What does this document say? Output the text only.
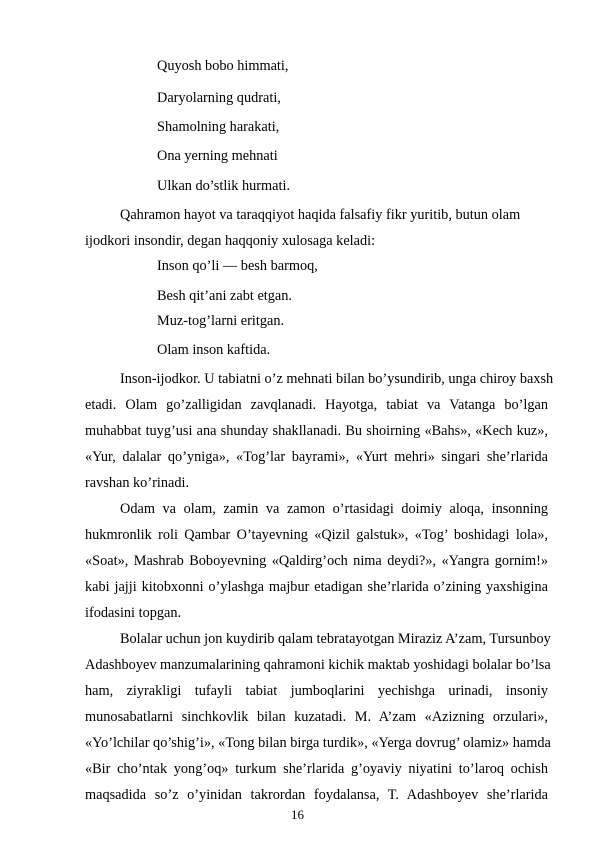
Quyosh bobo himmati,
Daryolarning qudrati,
Shamolning harakati,
Ona yerning mehnati
Ulkan do’stlik hurmati.
Qahramon hayot va taraqqiyot haqida falsafiy fikr yuritib, butun olam
ijodkori insondir, degan haqqoniy xulosaga keladi:
Inson qo’li — besh barmoq,
Besh qit’ani zabt etgan.
Muz-tog’larni eritgan.
Olam inson kaftida.
Inson-ijodkor. U tabiatni o’z mehnati bilan bo’ysundirib, unga chiroy baxsh
etadi. Olam go’zalligidan zavqlanadi. Hayotga, tabiat va Vatanga bo’lgan
muhabbat tuyg’usi ana shunday shakllanadi. Bu shoirning «Bahs», «Kech kuz»,
«Yur, dalalar qo’yniga», «Tog’lar bayrami», «Yurt mehri» singari she’rlarida
ravshan ko’rinadi.
Odam va olam, zamin va zamon o’rtasidagi doimiy aloqa, insonning
hukmronlik roli Qambar O’tayevning «Qizil galstuk», «Tog’ boshidagi lola»,
«Soat», Mashrab Boboyevning «Qaldirg’och nima deydi?», «Yangra gornim!»
kabi jajji kitobxonni o’ylashga majbur etadigan she’rlarida o’zining yaxshigina
ifodasini topgan.
Bolalar uchun jon kuydirib qalam tebratayotgan Miraziz A’zam, Tursunboy
Adashboyev manzumalarining qahramoni kichik maktab yoshidagi bolalar bo’lsa
ham, ziyrakligi tufayli tabiat jumboqlarini yechishga urinadi, insoniy
munosabatlarni sinchkovlik bilan kuzatadi. M. A’zam «Azizning orzulari»,
«Yo’lchilar qo’shig’i», «Tong bilan birga turdik», «Yerga dovrug’ olamiz» hamda
«Bir cho’ntak yong’oq» turkum she’rlarida g’oyaviy niyatini to’laroq ochish
maqsadida so’z o’yinidan takrordan foydalansa, T. Adashboyev she’rlarida
16
